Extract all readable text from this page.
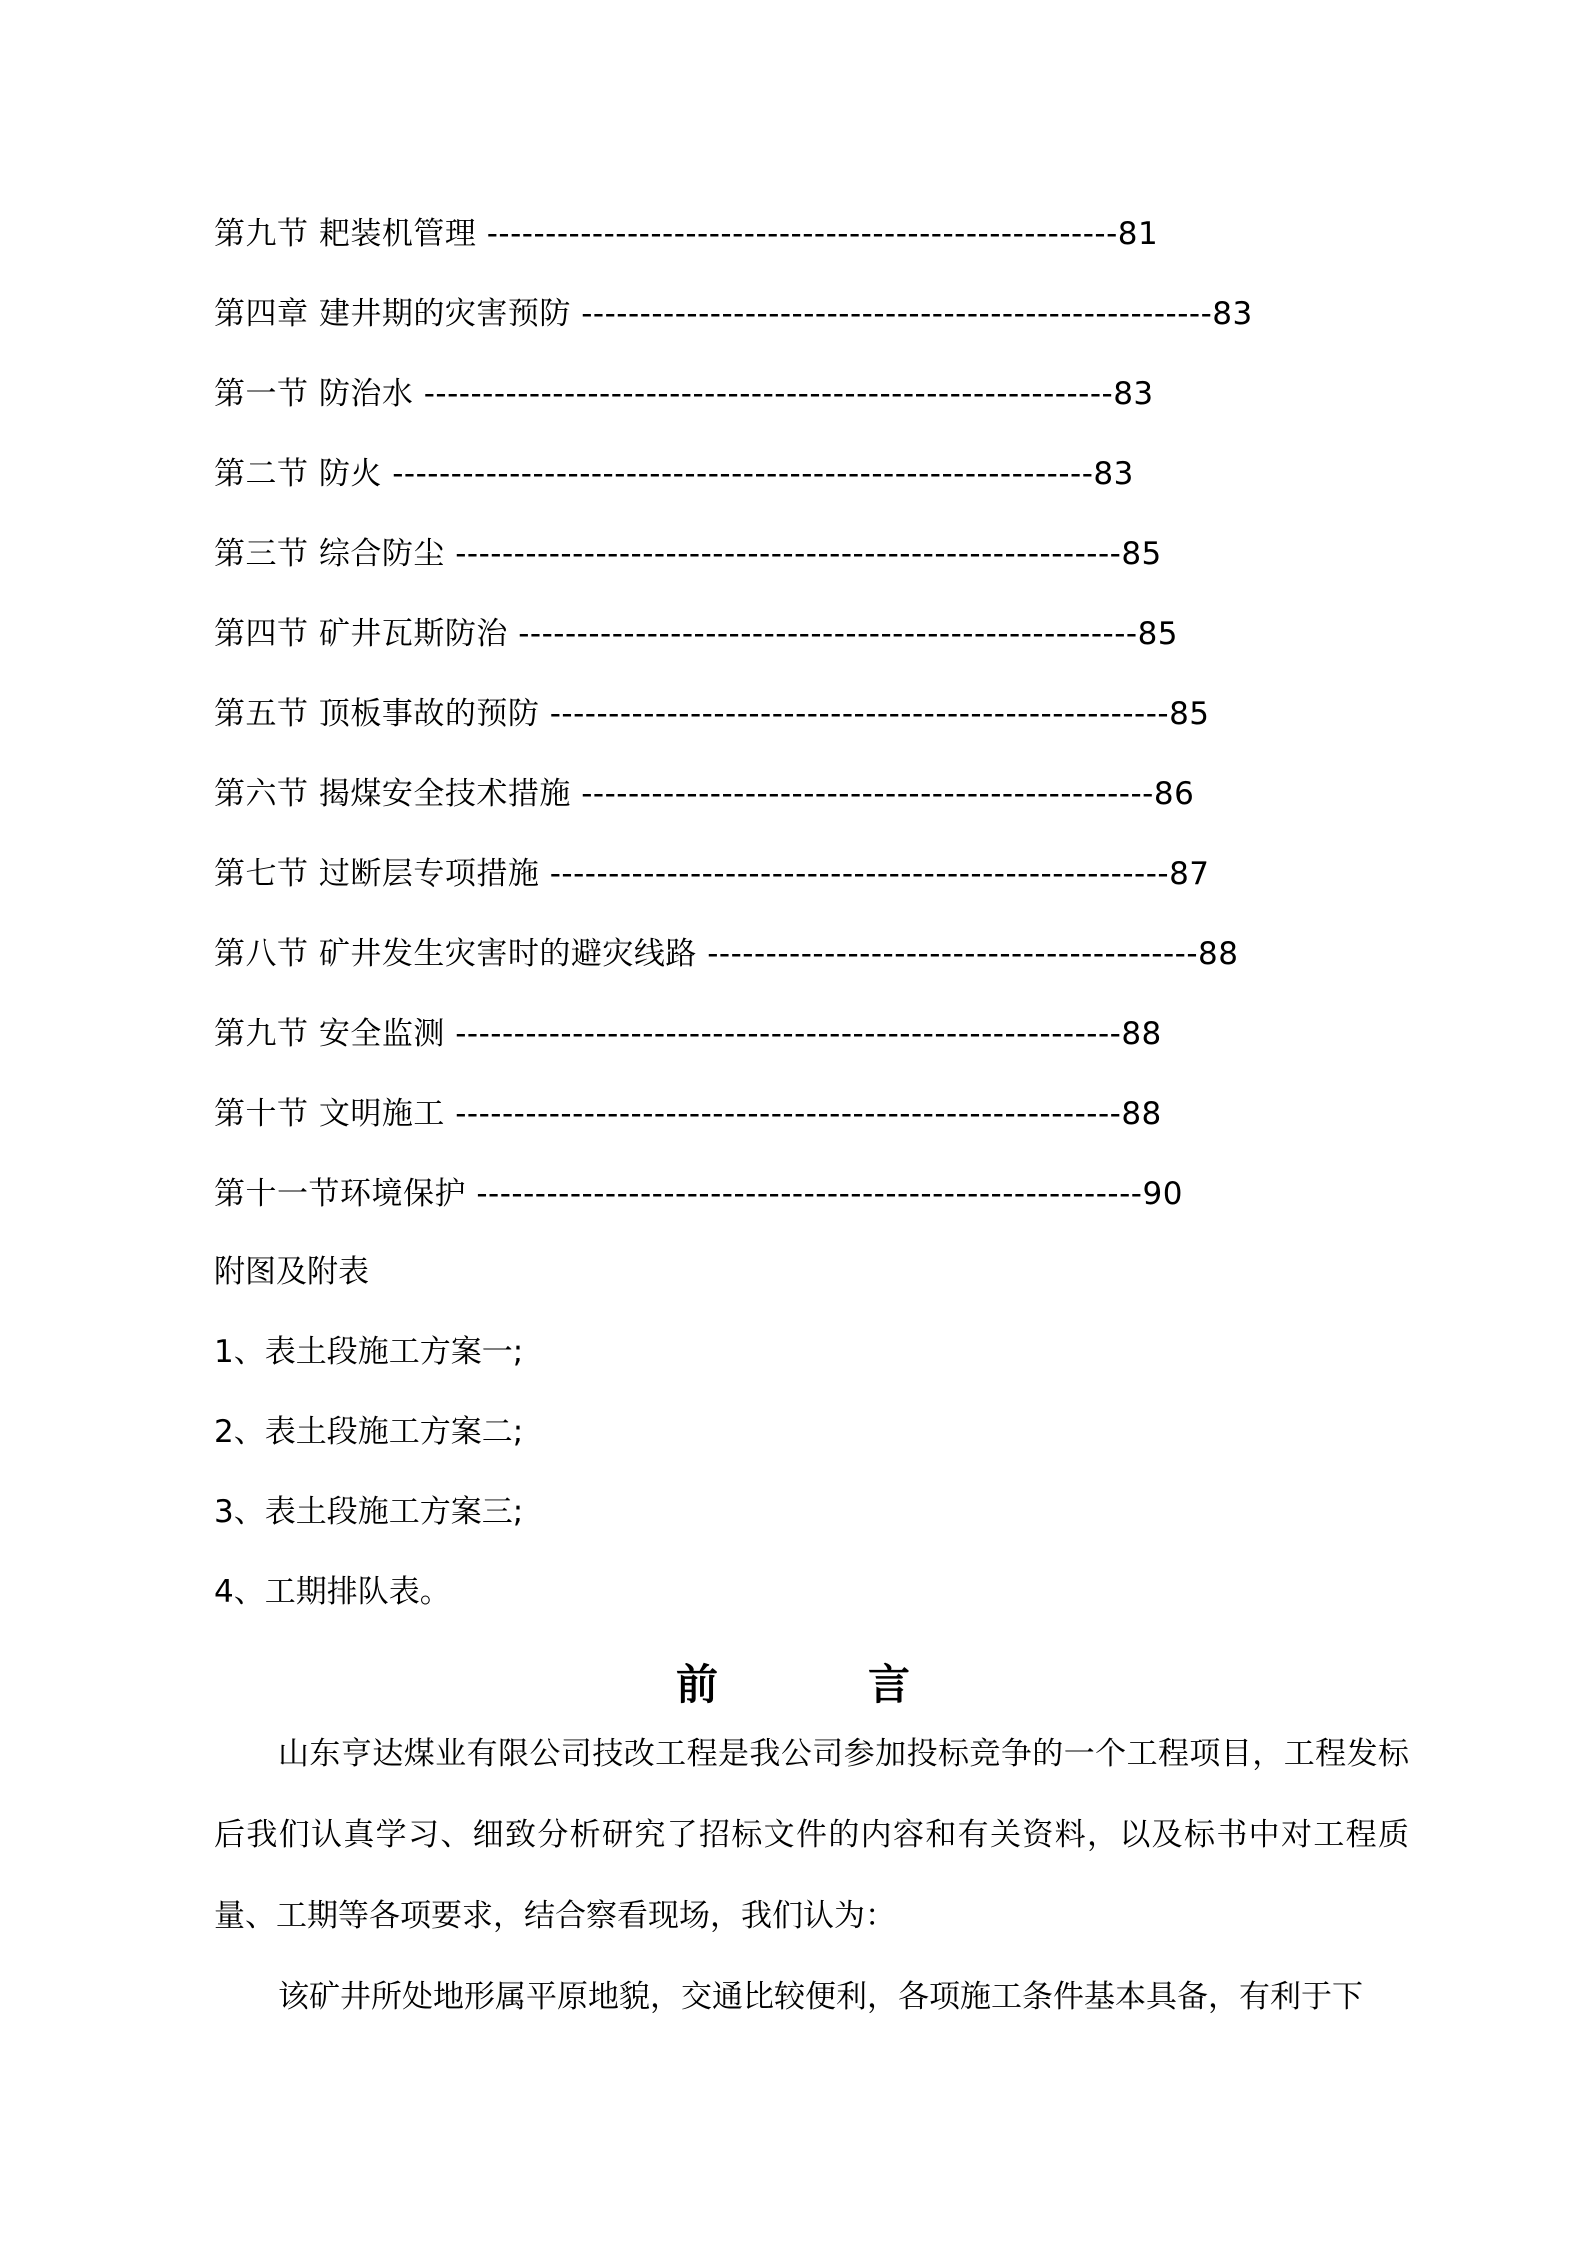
第九节 耙装机管理 ------------------------------------------------------81
第四章 建井期的灾害预防 ------------------------------------------------------83
第一节 防治水 -----------------------------------------------------------83
第二节 防火 ------------------------------------------------------------83
第三节 综合防尘 ---------------------------------------------------------85
第四节 矿井瓦斯防治 -----------------------------------------------------85
第五节 顶板事故的预防 -----------------------------------------------------85
第六节 揭煤安全技术措施 -------------------------------------------------86
第七节 过断层专项措施 -----------------------------------------------------87
第八节 矿井发生灾害时的避灾线路 ------------------------------------------88
第九节 安全监测 ---------------------------------------------------------88
第十节 文明施工 ---------------------------------------------------------88
第十一节环境保护 ---------------------------------------------------------90
附图及附表
1、表土段施工方案一;
2、表土段施工方案二;
3、表土段施工方案三;
4、工期排队表。
前言

山东亨达煤业有限公司技改工程是我公司参加投标竞争的一个工程项目，工程发标后我们认真学习、细致分析研究了招标文件的内容和有关资料，以及标书中对工程质量、工期等各项要求，结合察看现场，我们认为：

该矿井所处地形属平原地貌，交通比较便利，各项施工条件基本具备，有利于下
